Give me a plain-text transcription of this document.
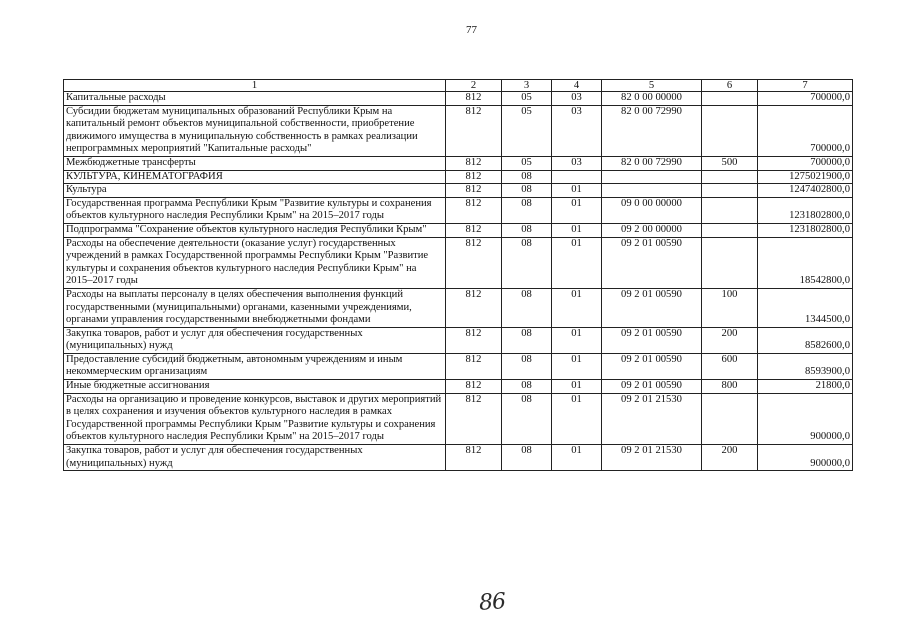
77
1	2	3	4	5	6	7
Капитальные расходы	812	05	03	82 0 00 00000		700000,0
Субсидии бюджетам муниципальных образований Республики Крым на капитальный ремонт объектов муниципальной собственности, приобретение движимого имущества в муниципальную собственность в рамках реализации непрограммных мероприятий "Капитальные расходы"	812	05	03	82 0 00 72990		700000,0
Межбюджетные трансферты	812	05	03	82 0 00 72990	500	700000,0
КУЛЬТУРА, КИНЕМАТОГРАФИЯ	812	08				1275021900,0
Культура	812	08	01			1247402800,0
Государственная программа Республики Крым "Развитие культуры и сохранения объектов культурного наследия Республики Крым" на 2015–2017 годы	812	08	01	09 0 00 00000		1231802800,0
Подпрограмма "Сохранение объектов культурного наследия Республики Крым"	812	08	01	09 2 00 00000		1231802800,0
Расходы на обеспечение деятельности (оказание услуг) государственных учреждений в рамках Государственной программы Республики Крым "Развитие культуры и сохранения объектов культурного наследия Республики Крым" на 2015–2017 годы	812	08	01	09 2 01 00590		18542800,0
Расходы на выплаты персоналу в целях обеспечения выполнения функций государственными (муниципальными) органами, казенными учреждениями, органами управления государственными внебюджетными фондами	812	08	01	09 2 01 00590	100	1344500,0
Закупка товаров, работ и услуг для обеспечения государственных (муниципальных) нужд	812	08	01	09 2 01 00590	200	8582600,0
Предоставление субсидий бюджетным, автономным учреждениям и иным некоммерческим организациям	812	08	01	09 2 01 00590	600	8593900,0
Иные бюджетные ассигнования	812	08	01	09 2 01 00590	800	21800,0
Расходы на организацию и проведение конкурсов, выставок и других мероприятий в целях сохранения и изучения объектов культурного наследия в рамках Государственной программы Республики Крым "Развитие культуры и сохранения объектов культурного наследия Республики Крым" на 2015–2017 годы	812	08	01	09 2 01 21530		900000,0
Закупка товаров, работ и услуг для обеспечения государственных (муниципальных) нужд	812	08	01	09 2 01 21530	200	900000,0
86
